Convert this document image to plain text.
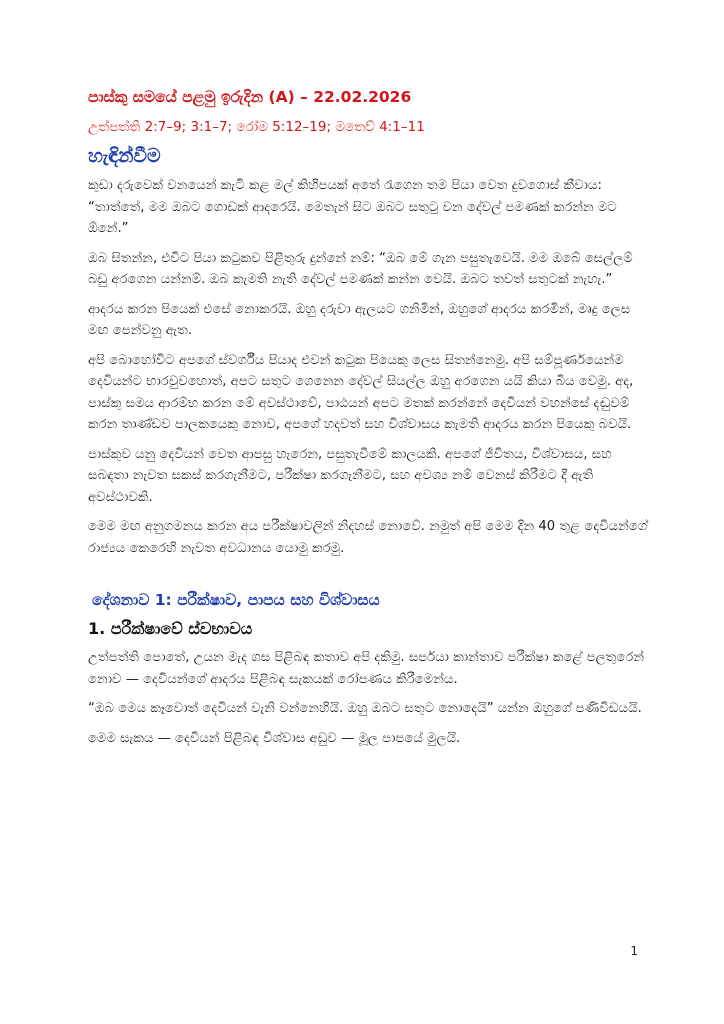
පාස්කු සමයේ පළමු ඉරුදින (A) – 22.02.2026
උත්පත්ති 2:7–9; 3:1–7; රෝම 5:12–19; මතෙව් 4:1–11
හැඳින්වීම

කුඩා දරුවෙක් වනයෙන් කැටි කළ මල් කිහිපයක් අතේ රැගෙන තම පියා වෙත දුවගොස් කීවාය: “තාත්තේ, මම ඔබට ගොඩක් ආදරෙයි. මෙතැන් සිට ඔබට සතුටු වන දේවල් පමණක් කරන්න මට ඕනේ.”

ඔබ සිතන්න, එවිට පියා කටුකව පිළිතුරු දුන්නේ නම්: “ඔබ මේ ගැන පසුතැවෙයි. මම ඔබේ සෙල්ලම් බඩු අරගෙන යන්නම්. ඔබ කැමති නැති දේවල් පමණක් කන්න වෙයි. ඔබට තවත් සතුටක් නැහැ.”

ආදරය කරන පියෙක් එසේ නොකරයි. ඔහු දරුවා ඇලයට ගනිමින්, ඔහුගේ ආදරය කරමින්, මෘදු ලෙස මඟ පෙන්වනු ඇත.

අපි බොහෝවිට අපගේ ස්වර්ගීය පියාද එවන් කටුක පියෙකු ලෙස සිතන්නෙමු. අපි සම්පූර්ණයෙන්ම දෙවියන්ට භාරවුවහොත්, අපට සතුට ගෙනෙන දේවල් සියල්ල ඔහු අරගෙන යයි කියා බිය වෙමු. අද, පාස්කු සමය ආරම්භ කරන මේ අවස්ථාවේ, පාඨයන් අපට මතක් කරන්නේ දෙවියන් වහන්සේ දඬුවම් කරන තාණ්ඩව පාලකයෙකු නොව, අපගේ හදවත් සහ විශ්වාසය කැමති ආදරය කරන පියෙකු බවයි.

පාස්කුව යනු දෙවියන් වෙත ආපසු හැරෙන, පසුතැවීමේ කාලයකි. අපගේ ජීවිතය, විශ්වාසය, සහ සබඳතා නැවත සකස් කරගැනීමට, පරීක්ෂා කරගැනීමට, සහ අවශ්‍ය නම් වෙනස් කිරීමට දී ඇති අවස්ථාවකි.

මෙම මඟ අනුගමනය කරන අය පරීක්ෂාවලින් නිදහස් නොවේ. නමුත් අපි මෙම දින 40 තුළ දෙවියන්ගේ රාජ්‍යය කෙරෙහි නැවත අවධානය යොමු කරමු.

දේශනාව 1: පරීක්ෂාව, පාපය සහ විශ්වාසය
1. පරීක්ෂාවේ ස්වභාවය

උත්පත්ති පොතේ, උයන මැද ගස පිළිබඳ කතාව අපි දකිමු. සර්පයා කාන්තාව පරීක්ෂා කළේ පලතුරෙන් නොව — දෙවියන්ගේ ආදරය පිළිබඳ සැකයක් රෝපණය කිරීමෙන්ය.

“ඔබ මෙය කෑවොත් දෙවියන් වැනි වන්නෙහියි. ඔහු ඔබට සතුට නොදෙයි” යන්න ඔහුගේ පණිවිඩයයි.

මෙම සැකය — දෙවියන් පිළිබඳ විශ්වාස අඩුව — මූල පාපයේ මුලයි.

1
